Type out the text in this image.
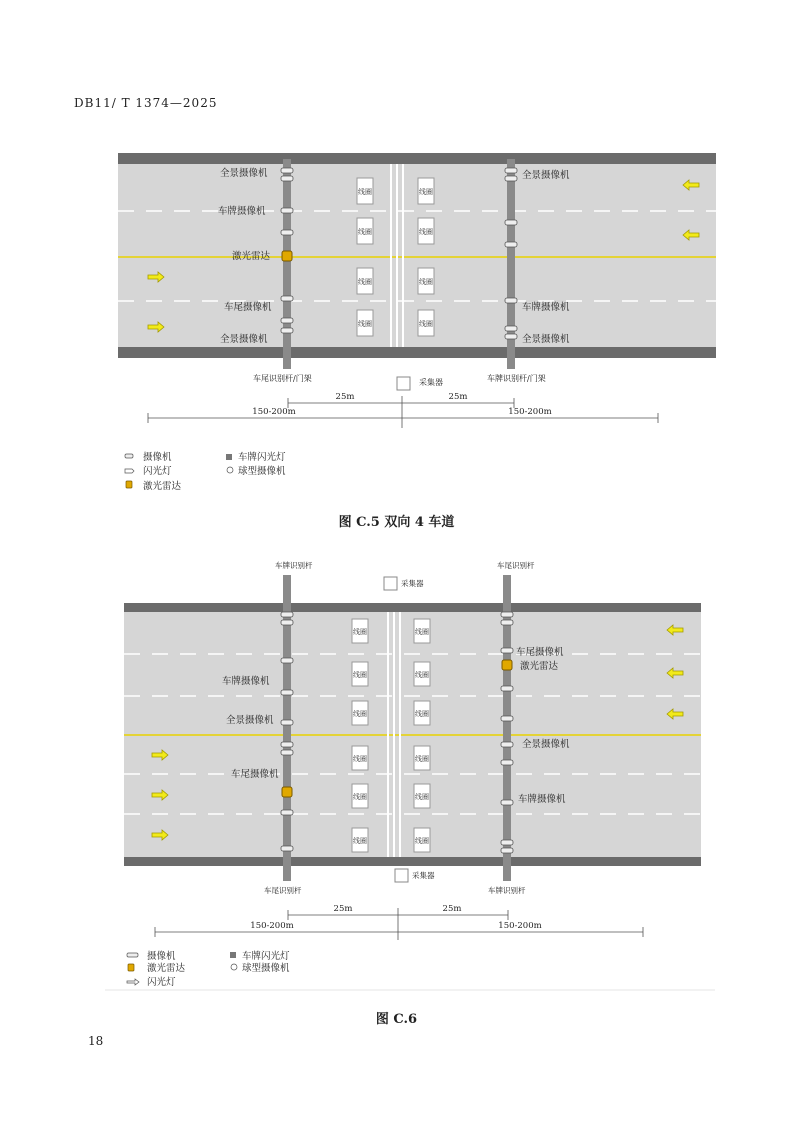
DB11/ T 1374—2025
线圈	线圈
线圈	线圈
线圈	线圈
线圈	线圈
全景摄像机
车牌摄像机
激光雷达
车尾摄像机
全景摄像机
全景摄像机
车牌摄像机
全景摄像机
车尾识别杆/门架	车牌识别杆/门架
采集器
25m	25m
150-200m	150-200m
摄像机	车牌闪光灯
闪光灯	球型摄像机
激光雷达
图 C.5 双向 4 车道
线圈	线圈
线圈	线圈
线圈	线圈
线圈	线圈
线圈	线圈
线圈	线圈
车牌识别杆	车尾识别杆
采集器
采集器
车尾识别杆	车牌识别杆
车尾摄像机
激光雷达
车牌摄像机
全景摄像机
全景摄像机
车尾摄像机
车牌摄像机
25m	25m
150-200m	150-200m
摄像机	车牌闪光灯
激光雷达	球型摄像机
闪光灯
图 C.6
18
